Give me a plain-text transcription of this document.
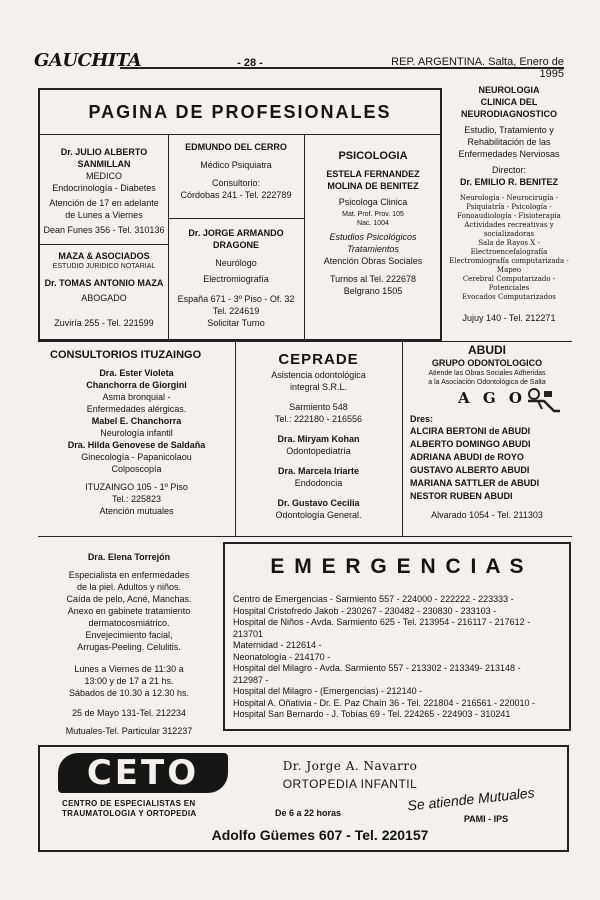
GAUCHITA	- 28 -	REP. ARGENTINA. Salta, Enero de 1995
PAGINA DE PROFESIONALES
Dr. JULIO ALBERTO
SANMILLAN
MEDICO
Endocrinología - Diabetes
Atención de 17 en adelante
de Lunes a Viernes
Dean Funes 356 - Tel. 310136
EDMUNDO DEL CERRO
Médico Psiquiatra
Consultorio:
Córdobas 241 - Tel. 222789
PSICOLOGIA
ESTELA FERNANDEZ
MOLINA DE BENITEZ
Psicologa Clinica
Mat. Prof. Prov. 105
Nac. 1004
Estudios Psicológicos
Tratamientos
Atención Obras Sociales
Turnos al Tel. 222678
Belgrano 1505
MAZA & ASOCIADOS
ESTUDIO JURIDICO NOTARIAL
Dr. TOMAS ANTONIO MAZA
ABOGADO
Zuviría 255 - Tel. 221599
Dr. JORGE ARMANDO
DRAGONE
Neurólogo
Electromiografía
España 671 - 3º Piso - Of. 32
Tel. 224619
Solicitar Turno
NEUROLOGIA
CLINICA DEL
NEURODIAGNOSTICO
Estudio, Tratamiento y
Rehabilitación de las
Enfermedades Nerviosas
Director:
Dr. EMILIO R. BENITEZ
Neurología - Neurocirugía -
Psiquiatría - Psicología -
Fonoaudiología - Fisioterapia
Actividades recreativas y
socializadoras
Sala de Rayos X -
Electroencefalografía
Electromiografía computarizada -
Mapeo
Cerebral Computarizado -
Potenciales
Evocados Computarizados
Jujuy 140 - Tel. 212271
CONSULTORIOS ITUZAINGO
Dra. Ester Violeta
Chanchorra de Giorgini
Asma bronquial -
Enfermedades alérgicas.
Mabel E. Chanchorra
Neurología infantil
Dra. Hilda Genovese de Saldaña
Ginecología - Papanicolaou
Colposcopía
ITUZAINGO 105 - 1º Piso
Tel.: 225823
Atención mutuales
CEPRADE
Asistencia odontológica
integral S.R.L.
Sarmiento 548
Tel.: 222180 - 216556
Dra. Miryam Kohan
Odontopediatría
Dra. Marcela Iriarte
Endodoncia
Dr. Gustavo Cecilia
Odontología General.
ABUDI
GRUPO ODONTOLOGICO
Atiende las Obras Sociales Adheridas
a la Asociación Odontológica de Salta
A G O
Dres:
ALCIRA BERTONI de ABUDI
ALBERTO DOMINGO ABUDI
ADRIANA ABUDI de ROYO
GUSTAVO ALBERTO ABUDI
MARIANA SATTLER de ABUDI
NESTOR RUBEN ABUDI
Alvarado 1054 - Tel. 211303
Dra. Elena Torrejón
Especialista en enfermedades
de la piel. Adultos y niños.
Caída de pelo, Acné, Manchas.
Anexo en gabinete tratamiento
dermatocosmiátrico.
Envejecimiento facial,
Arrugas-Peeling. Celulitis.
Lunes a Viernes de 11:30 a
13:00 y de 17 a 21 hs.
Sábados de 10.30 a 12.30 hs.
25 de Mayo 131-Tel. 212234
Mutuales-Tel. Particular 312237
E M E R G E N C I A S
Centro de Emergencias - Sarmiento 557 - 224000 - 222222 - 223333 -
Hospital Cristofredo Jakob - 230267 - 230482 - 230830 - 233103 -
Hospital de Niños - Avda. Sarmiento 625 - Tel. 213954 - 216117 - 217612 -
213701
Maternidad - 212614 -
Neonatología - 214170 -
Hospital del Milagro - Avda. Sarmiento 557 - 213302 - 213349- 213148 -
212987 -
Hospital del Milagro - (Emergencias) - 212140 -
Hospital A. Oñativia - Dr. E. Paz Chaín 36 - Tel. 221804 - 216561 - 220010 -
Hospital San Bernardo - J. Tobías 69 - Tel. 224265 - 224903 - 310241
CETO
CENTRO DE ESPECIALISTAS EN
TRAUMATOLOGIA Y ORTOPEDIA
Dr. Jorge A. Navarro
ORTOPEDIA INFANTIL
De 6 a 22 horas	Se atiende Mutuales
PAMI - IPS
Adolfo Güemes 607 - Tel. 220157
